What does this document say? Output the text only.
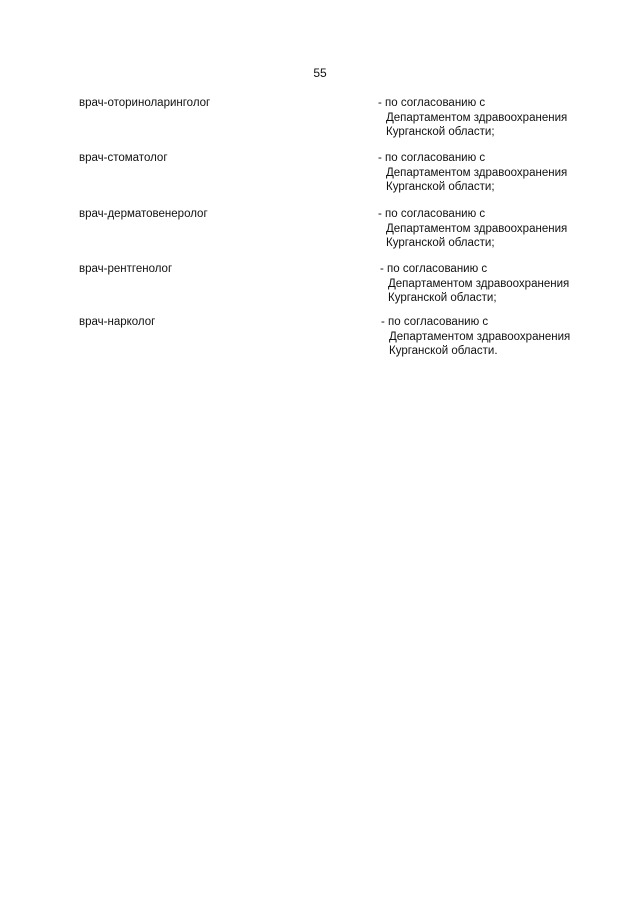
55
врач-оториноларинголог	- по согласованию с
Департаментом здравоохранения
Курганской области;
врач-стоматолог	- по согласованию с
Департаментом здравоохранения
Курганской области;
врач-дерматовенеролог	- по согласованию с
Департаментом здравоохранения
Курганской области;
врач-рентгенолог	- по согласованию с
Департаментом здравоохранения
Курганской области;
врач-нарколог	- по согласованию с
Департаментом здравоохранения
Курганской области.
